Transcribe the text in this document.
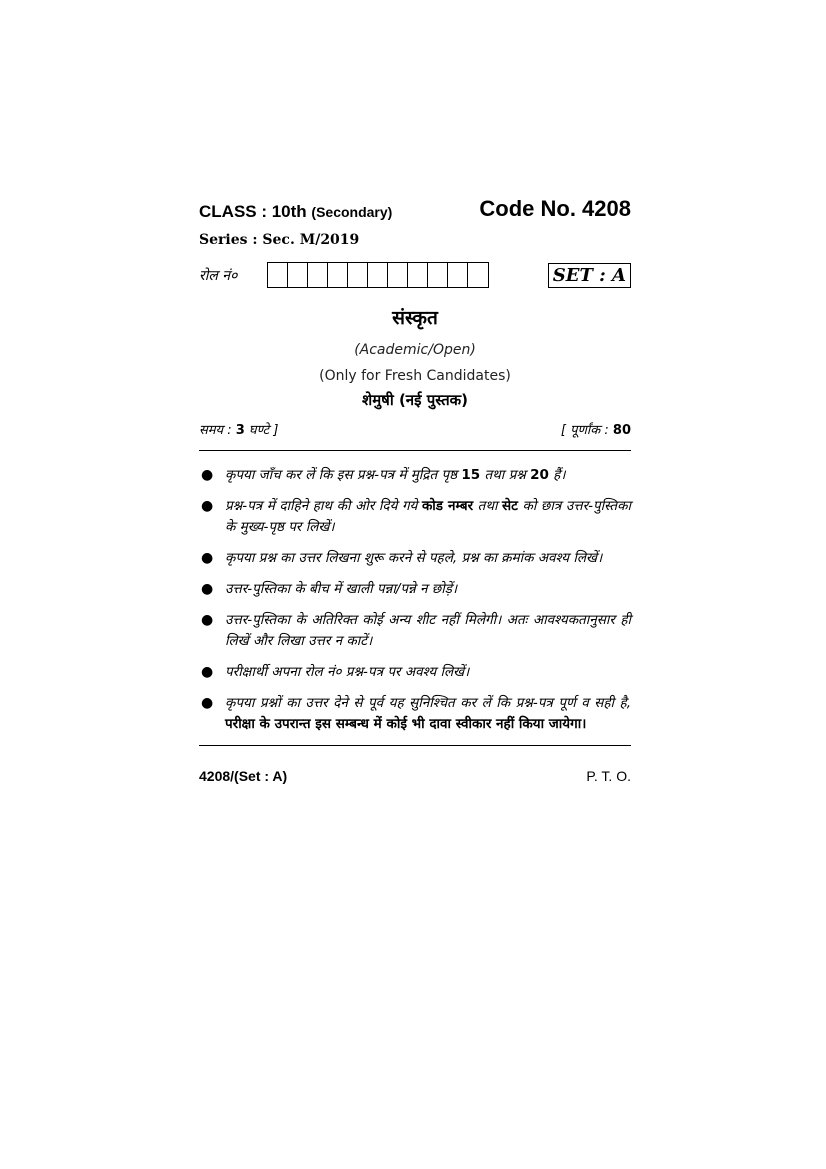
CLASS : 10th (Secondary)	Code No. 4208
Series : Sec. M/2019
रोल नं०	SET : A
संस्कृत
(Academic/Open)
(Only for Fresh Candidates)
शेमुषी (नई पुस्तक)
समय : 3 घण्टे ]	[ पूर्णांक : 80
● कृपया जाँच कर लें कि इस प्रश्न-पत्र में मुद्रित पृष्ठ 15 तथा प्रश्न 20 हैं।
● प्रश्न-पत्र में दाहिने हाथ की ओर दिये गये कोड नम्बर तथा सेट को छात्र उत्तर-पुस्तिका के मुख्य-पृष्ठ पर लिखें।
● कृपया प्रश्न का उत्तर लिखना शुरू करने से पहले, प्रश्न का क्रमांक अवश्य लिखें।
● उत्तर-पुस्तिका के बीच में खाली पन्ना/पन्ने न छोड़ें।
● उत्तर-पुस्तिका के अतिरिक्त कोई अन्य शीट नहीं मिलेगी। अतः आवश्यकतानुसार ही लिखें और लिखा उत्तर न काटें।
● परीक्षार्थी अपना रोल नं० प्रश्न-पत्र पर अवश्य लिखें।
● कृपया प्रश्नों का उत्तर देने से पूर्व यह सुनिश्चित कर लें कि प्रश्न-पत्र पूर्ण व सही है, परीक्षा के उपरान्त इस सम्बन्ध में कोई भी दावा स्वीकार नहीं किया जायेगा।
4208/(Set : A)	P. T. O.
